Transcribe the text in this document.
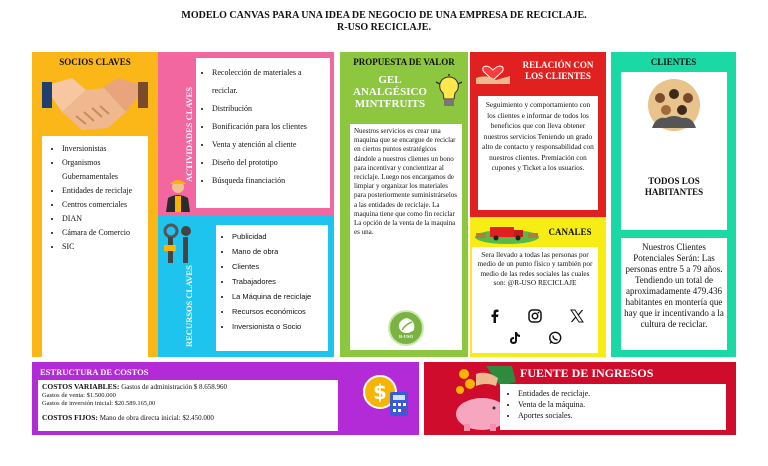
MODELO CANVAS PARA UNA IDEA DE NEGOCIO DE UNA EMPRESA DE RECICLAJE.
R-USO RECICLAJE.
SOCIOS CLAVES
• Inversionistas
• Organismos Gubernamentales
• Entidades de reciclaje
• Centros comerciales
• DIAN
• Cámara de Comercio
• SIC
ACTIVIDADES CLAVES
• Recolección de materiales a reciclar.
• Distribución
• Bonificación para los clientes
• Venta y atención al cliente
• Diseño del prototipo
• Búsqueda financiación
RECURSOS CLAVES
• Publicidad
• Mano de obra
• Clientes
• Trabajadores
• La Máquina de reciclaje
• Recursos económicos
• Inversionista o Socio
PROPUESTA DE VALOR
GEL
ANALGÉSICO
MINTFRUITS
Nuestros servicios es crear una maquina que se encargue de reciclar en ciertos puntos estratégicos dándole a nuestros clientes un bono para incentivar y concientizar al reciclaje. Luego nos encargamos de limpiar y organizar los materiales para posteriormente suministrárselos a las entidades de reciclaje. La maquina tiene que como fin reciclar La opción de la venta de la maquina es una.
R-USO
RELACIÓN CON
LOS CLIENTES
Seguimiento y comportamiento con los clientes e informar de todos los beneficios que con lleva obtener nuestros servicios Teniendo un grado alto de contacto y responsabilidad con nuestros clientes. Premiación con cupones y Ticket a los usuarios.
CANALES
Sera llevado a todas las personas por medio de un punto físico y también por medio de las redes sociales las cuales son: @R-USO RECICLAJE
CLIENTES
TODOS LOS
HABITANTES
Nuestros Clientes Potenciales Serán: Las personas entre 5 a 79 años. Tendiendo un total de aproximadamente 479.436 habitantes en montería que hay que ir incentivando a la cultura de reciclar.
ESTRUCTURA DE COSTOS
COSTOS VARIABLES: Gastos de administración $ 8.658.960
Gastos de venta: $1.500.000
Gastos de inversión inicial: $20.589.165,00
COSTOS FIJOS: Mano de obra directa inicial: $2.450.000
$
FUENTE DE INGRESOS
• Entidades de reciclaje.
• Venta de la máquina.
• Aportes sociales.
